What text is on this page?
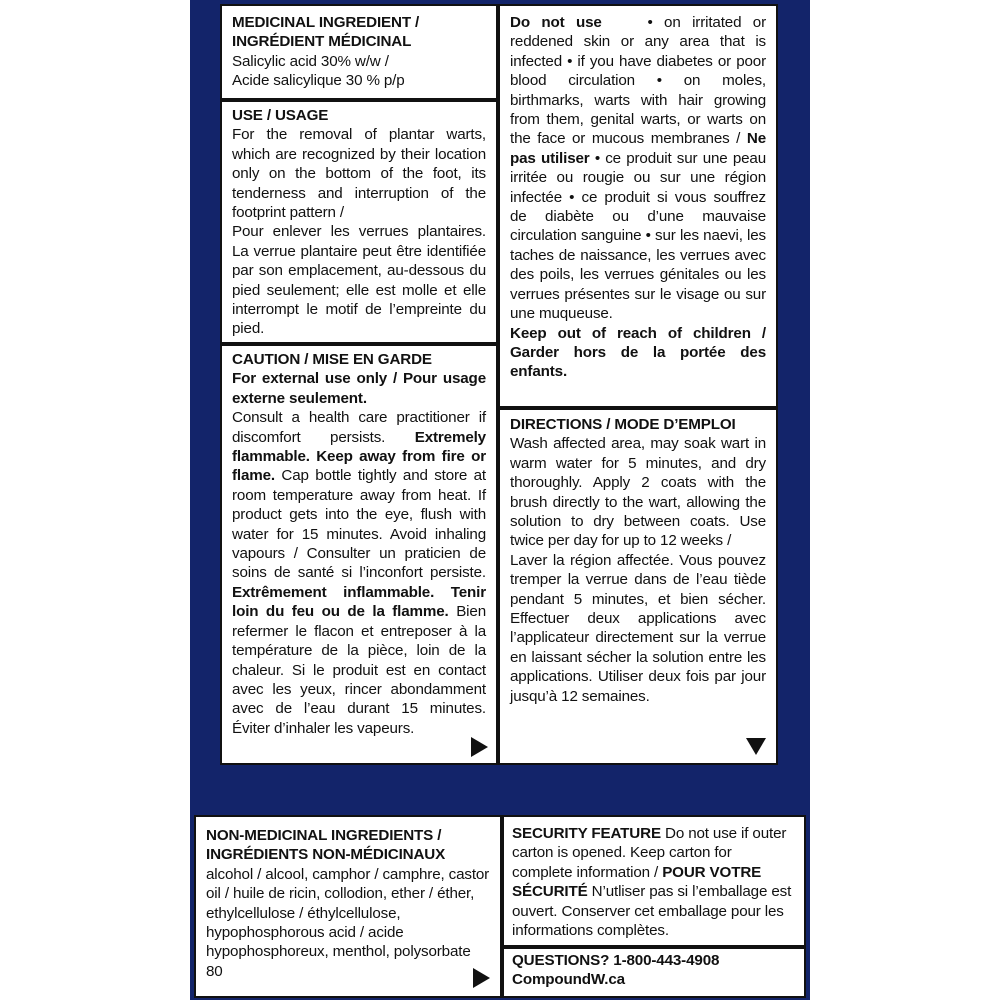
MEDICINAL INGREDIENT / INGRÉDIENT MÉDICINAL

Salicylic acid 30% w/w /

Acide salicylique 30 % p/p

USE / USAGE

For the removal of plantar warts, which are recognized by their location only on the bottom of the foot, its tenderness and interruption of the footprint pattern /

Pour enlever les verrues plantaires. La verrue plantaire peut être identifiée par son emplacement, au-dessous du pied seulement; elle est molle et elle interrompt le motif de l’empreinte du pied.

CAUTION / MISE EN GARDE

For external use only / Pour usage externe seulement.

Consult a health care practitioner if discomfort persists. Extremely flammable. Keep away from fire or flame. Cap bottle tightly and store at room temperature away from heat. If product gets into the eye, flush with water for 15 minutes. Avoid inhaling vapours / Consulter un praticien de soins de santé si l’inconfort persiste. Extrêmement inflammable. Tenir loin du feu ou de la flamme. Bien refermer le flacon et entreposer à la température de la pièce, loin de la chaleur. Si le produit est en contact avec les yeux, rincer abondamment avec de l’eau durant 15 minutes. Éviter d’inhaler les vapeurs.

Do not use	• on irritated or reddened skin or any area that is infected • if you have diabetes or poor blood circulation • on moles, birthmarks, warts with hair growing from them, genital warts, or warts on the face or mucous membranes / Ne pas utiliser • ce produit sur une peau irritée ou rougie ou sur une région infectée • ce produit si vous souffrez de diabète ou d’une mauvaise circulation sanguine • sur les naevi, les taches de naissance, les verrues avec des poils, les verrues génitales ou les verrues présentes sur le visage ou sur une muqueuse.

Keep out of reach of children / Garder hors de la portée des enfants.

DIRECTIONS / MODE D’EMPLOI

Wash affected area, may soak wart in warm water for 5 minutes, and dry thoroughly. Apply 2 coats with the brush directly to the wart, allowing the solution to dry between coats. Use twice per day for up to 12 weeks /

Laver la région affectée. Vous pouvez tremper la verrue dans de l’eau tiède pendant 5 minutes, et bien sécher. Effectuer deux applications avec l’applicateur directement sur la verrue en laissant sécher la solution entre les applications. Utiliser deux fois par jour jusqu’à 12 semaines.

NON-MEDICINAL INGREDIENTS / INGRÉDIENTS NON-MÉDICINAUX

alcohol / alcool, camphor / camphre, castor oil / huile de ricin, collodion, ether / éther, ethylcellulose / éthylcellulose, hypophosphorous acid / acide hypophosphoreux, menthol, polysorbate 80

SECURITY FEATURE Do not use if outer carton is opened. Keep carton for complete information / POUR VOTRE SÉCURITÉ N’utliser pas si l’emballage est ouvert. Conserver cet emballage pour les informations complètes.

QUESTIONS? 1-800-443-4908

CompoundW.ca
